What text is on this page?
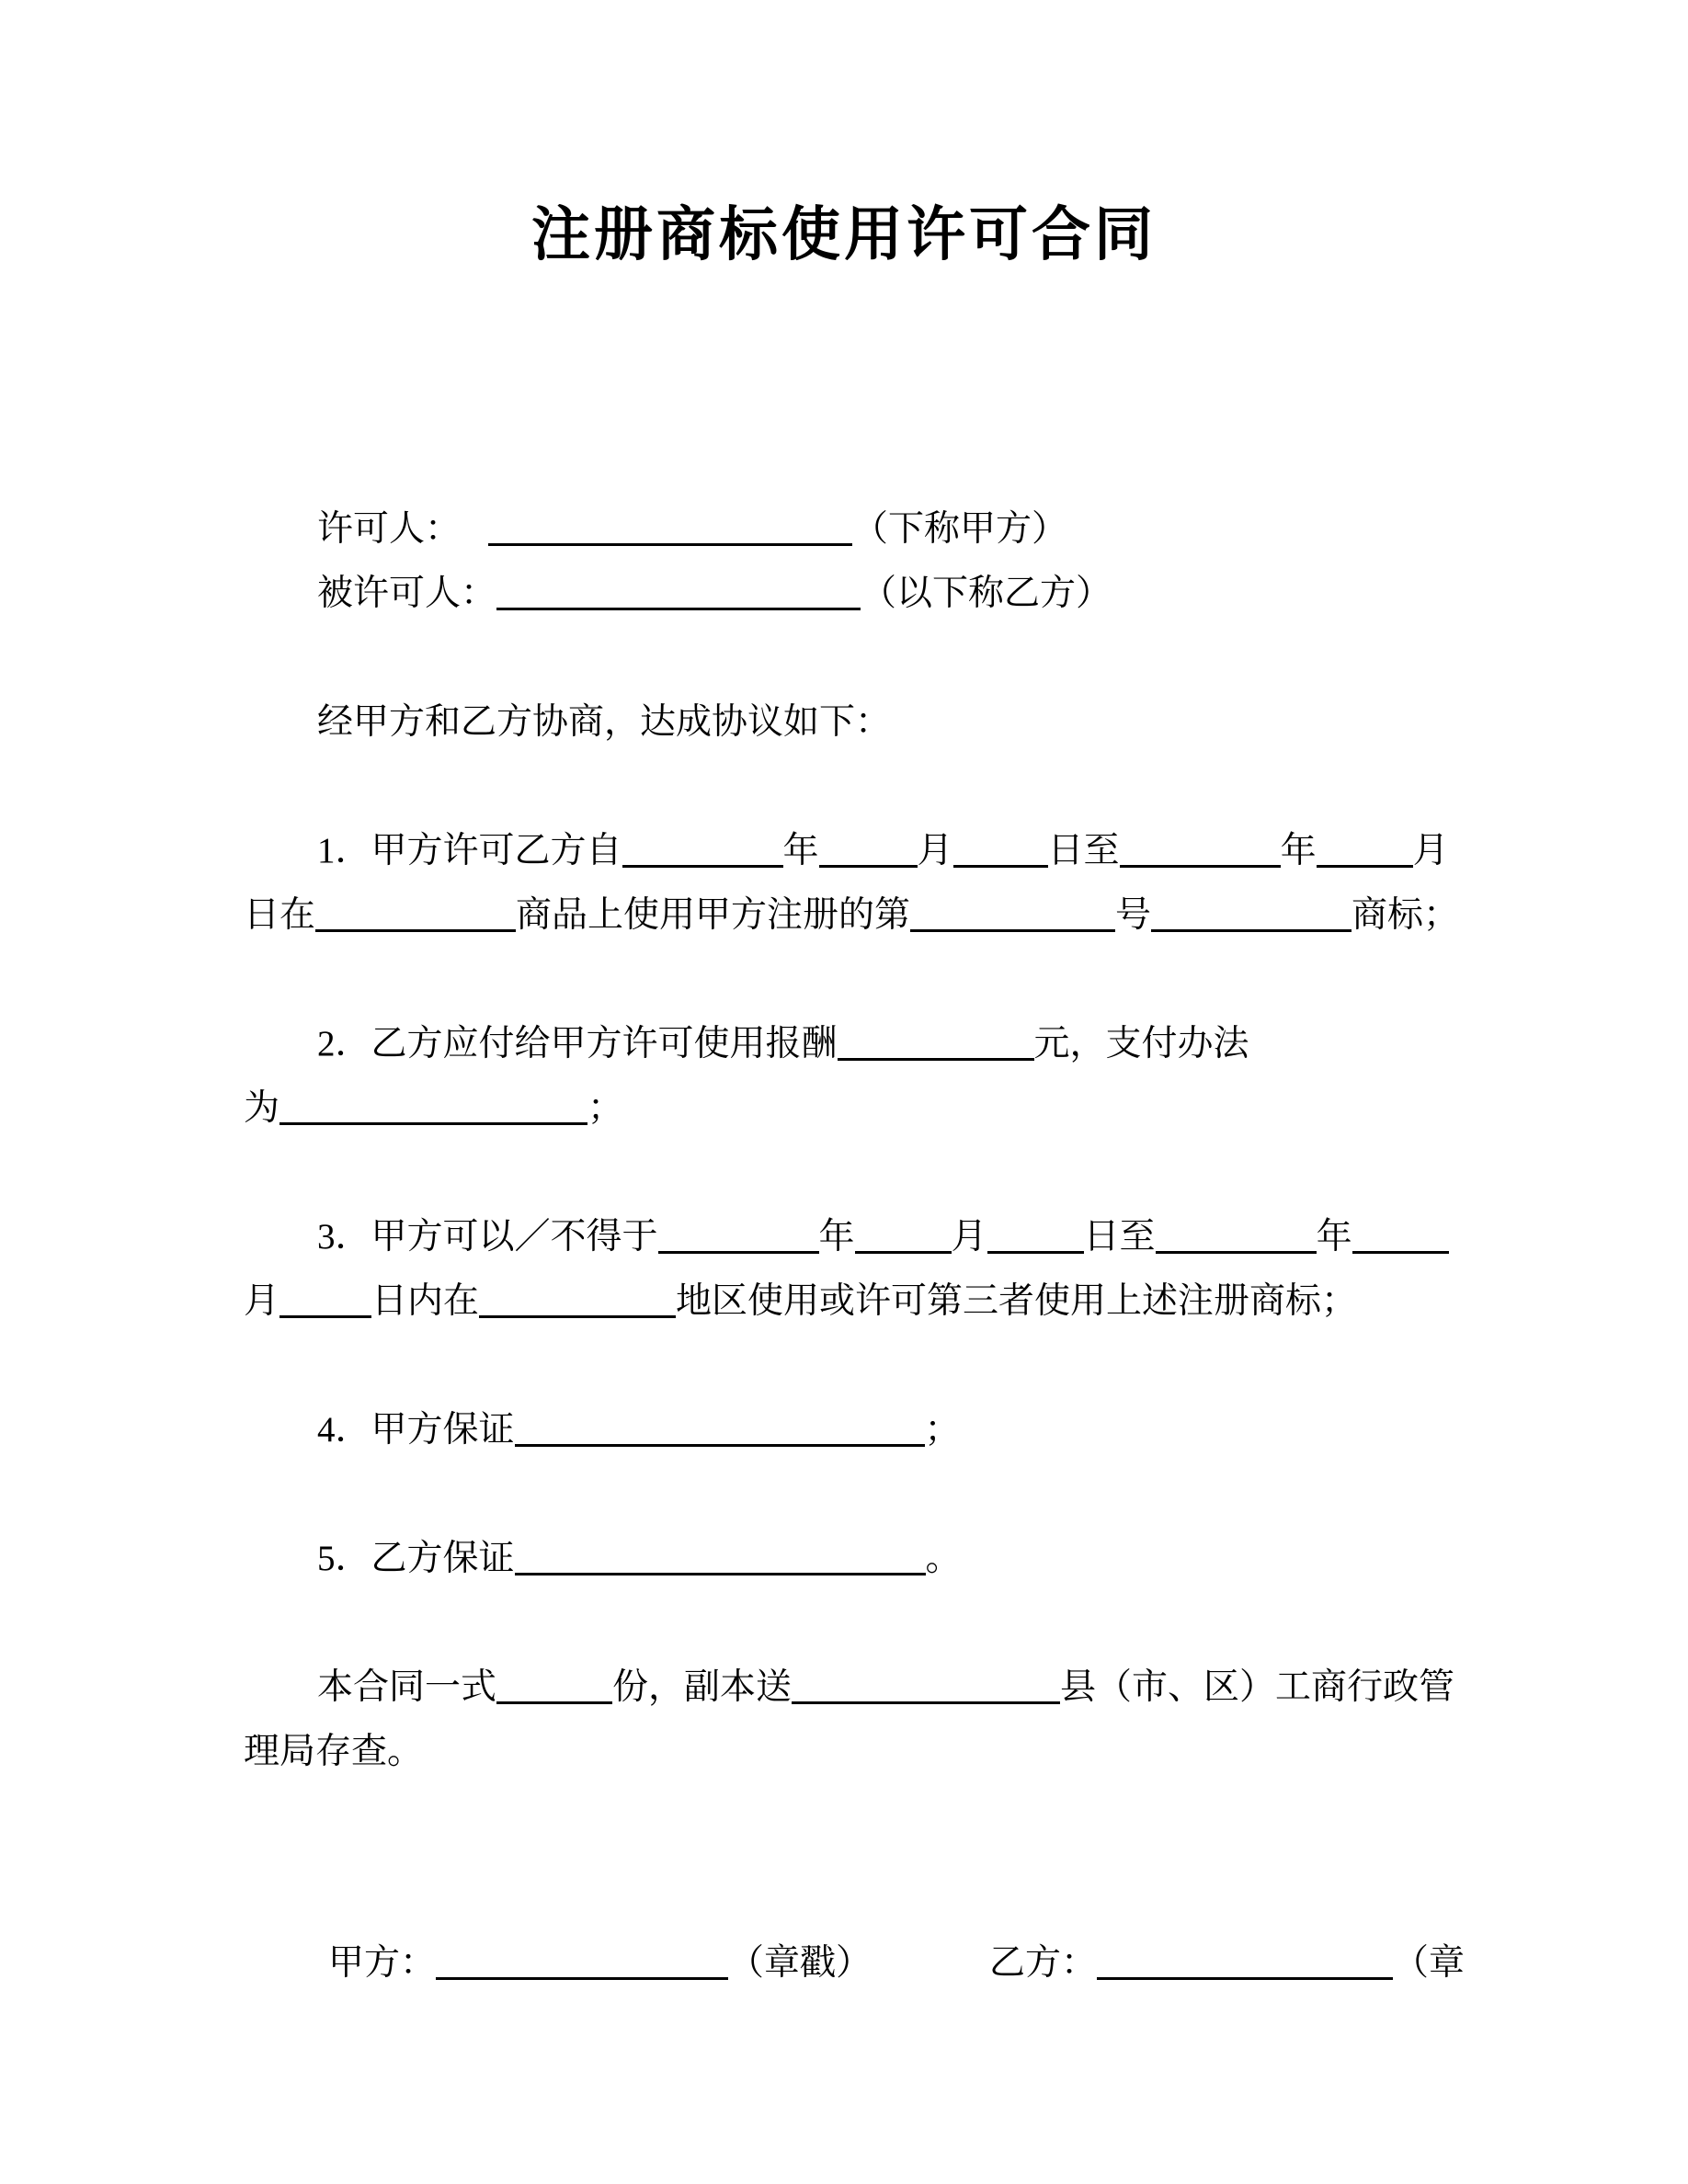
注册商标使用许可合同
许可人：	（下称甲方）
被许可人：	（以下称乙方）
经甲方和乙方协商，达成协议如下：
1．甲方许可乙方自	年	月	日至	年	月
日在	商品上使用甲方注册的第	号	商标；
2．乙方应付给甲方许可使用报酬	元，支付办法
为	；
3．甲方可以／不得于	年	月	日至	年
月	日内在	地区使用或许可第三者使用上述注册商标；
4．甲方保证	；
5．乙方保证	。
本合同一式	份，副本送	县（市、区）工商行政管
理局存查。
甲方：	（章戳）	乙方：	（章
